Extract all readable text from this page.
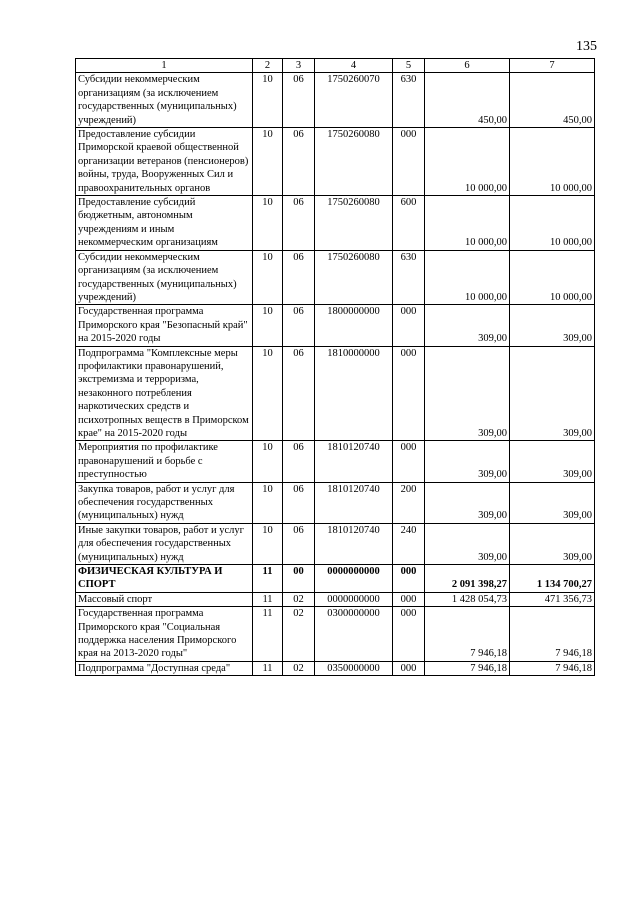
135
1	2	3	4	5	6	7
Субсидии некоммерческим организациям (за исключением государственных (муниципальных) учреждений)	10	06	1750260070	630	450,00	450,00
Предоставление субсидии Приморской краевой общественной организации ветеранов (пенсионеров) войны, труда, Вооруженных Сил и правоохранительных органов	10	06	1750260080	000	10 000,00	10 000,00
Предоставление субсидий бюджетным, автономным учреждениям и иным некоммерческим организациям	10	06	1750260080	600	10 000,00	10 000,00
Субсидии некоммерческим организациям (за исключением государственных (муниципальных) учреждений)	10	06	1750260080	630	10 000,00	10 000,00
Государственная программа Приморского края "Безопасный край" на 2015-2020 годы	10	06	1800000000	000	309,00	309,00
Подпрограмма "Комплексные меры профилактики правонарушений, экстремизма и терроризма, незаконного потребления наркотических средств и психотропных веществ в Приморском крае" на 2015-2020 годы	10	06	1810000000	000	309,00	309,00
Мероприятия по профилактике правонарушений и борьбе с преступностью	10	06	1810120740	000	309,00	309,00
Закупка товаров, работ и услуг для обеспечения государственных (муниципальных) нужд	10	06	1810120740	200	309,00	309,00
Иные закупки товаров, работ и услуг для обеспечения государственных (муниципальных) нужд	10	06	1810120740	240	309,00	309,00
ФИЗИЧЕСКАЯ КУЛЬТУРА И СПОРТ	11	00	0000000000	000	2 091 398,27	1 134 700,27
Массовый спорт	11	02	0000000000	000	1 428 054,73	471 356,73
Государственная программа Приморского края "Социальная поддержка населения Приморского края на 2013-2020 годы"	11	02	0300000000	000	7 946,18	7 946,18
Подпрограмма "Доступная среда"	11	02	0350000000	000	7 946,18	7 946,18
